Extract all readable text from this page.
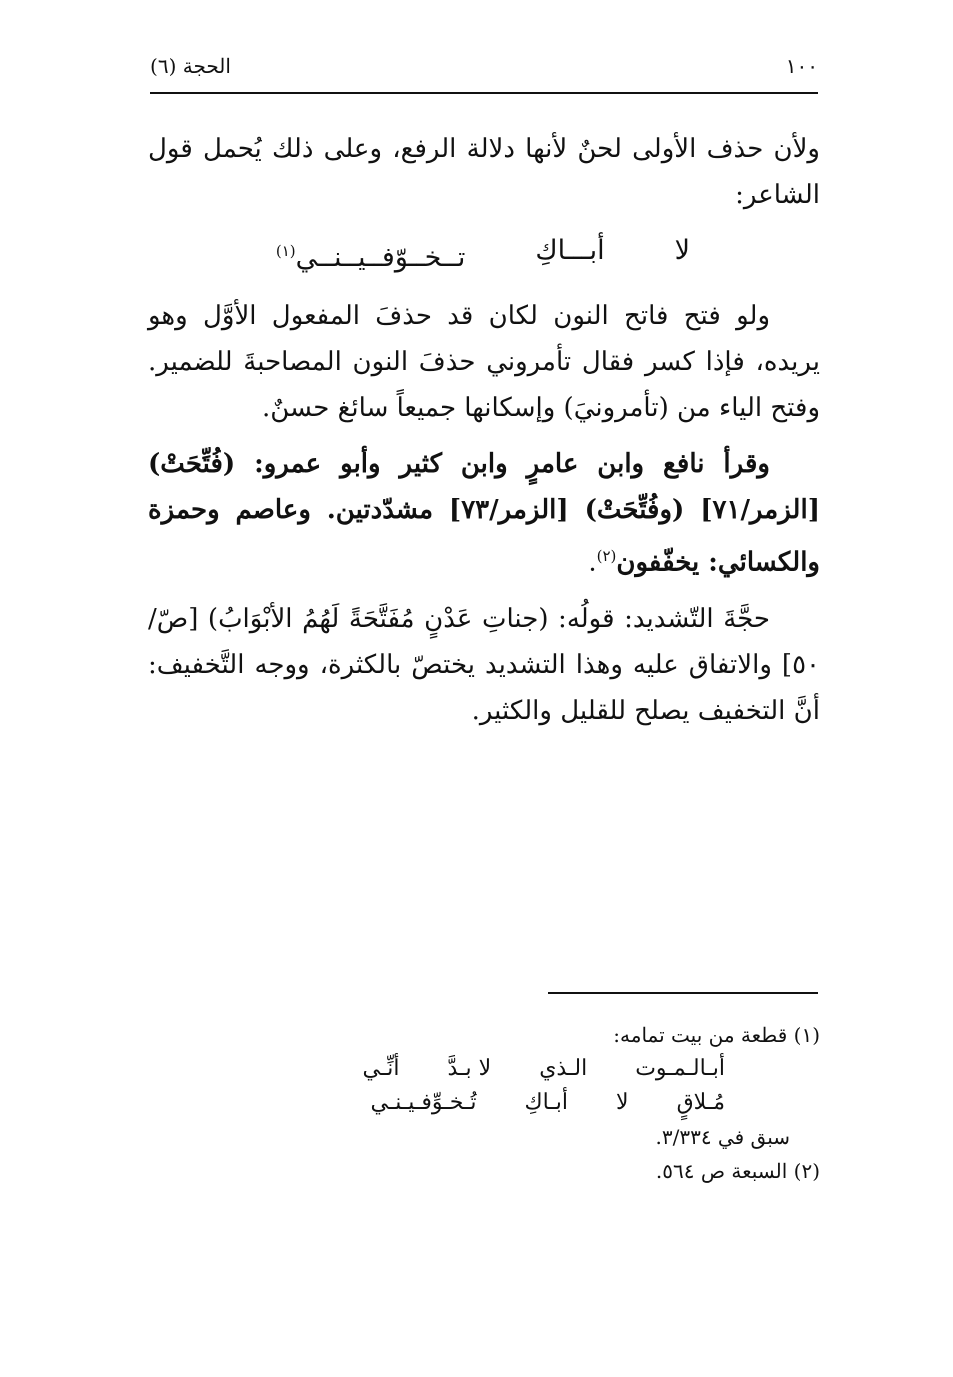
١٠٠
الحجة (٦)

ولأن حذف الأولى لحنٌ لأنها دلالة الرفع، وعلى ذلك يُحمل قول الشاعر:

لا
أبـــاكِ
تــخــوّفــيــنــي$^{(١)}$

ولو فتح فاتح النون لكان قد حذفَ المفعول الأوَّل وهو يريده، فإذا كسر فقال تأمروني حذفَ النون المصاحبةَ للضمير. وفتح الياء من (تأمرونيَ) وإسكانها جميعاً سائغ حسنٌ.

وقرأ نافع وابن عامرٍ وابن كثير وأبو عمرو: (فُتِّحَتْ) [الزمر/٧١] (وفُتِّحَتْ) [الزمر/٧٣] مشدّدتين. وعاصم وحمزة والكسائي: يخفّفون$^{(٢)}$.

حجَّةَ التّشديد: قولُه: (جناتِ عَدْنٍ مُفَتَّحَةً لَهُمُ الأبْوَابُ) [صّ/٥٠] والاتفاق عليه وهذا التشديد يختصّ بالكثرة، ووجه التَّخفيف: أنَّ التخفيف يصلح للقليل والكثير.

(١) قطعة من بيت تمامه:

أبـالـمـوت
الـذي
لا بـدَّ
أنِّـي
مُـلاقٍ
لا
أبـاكِ
تُـخـوِّفـيـنـي

سبق في ٣/٣٣٤.

(٢) السبعة ص ٥٦٤.
